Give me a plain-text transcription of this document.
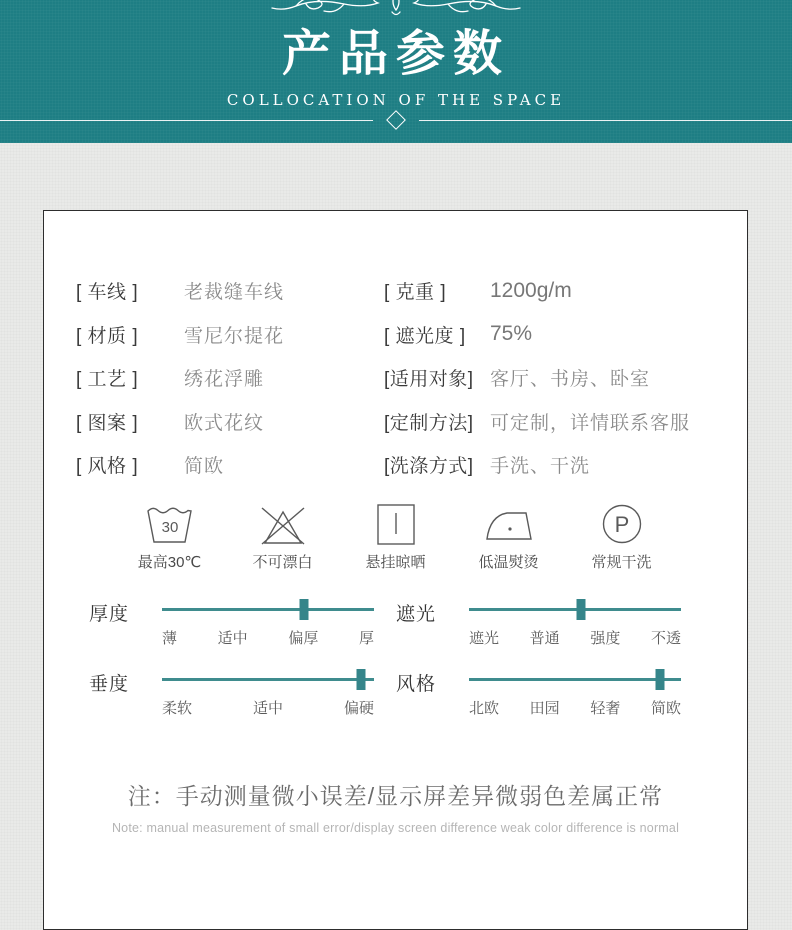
产品参数
COLLOCATION OF THE SPACE
[ 车线 ]	老裁缝车线
[ 材质 ]	雪尼尔提花
[ 工艺 ]	绣花浮雕
[ 图案 ]	欧式花纹
[ 风格 ]	简欧
[ 克重 ]	1200g/m
[ 遮光度 ]	75%
[适用对象] 客厅、书房、卧室
[定制方法] 可定制，详情联系客服
[洗涤方式] 手洗、干洗
30
最高30℃	不可漂白	悬挂晾晒	低温熨烫
P
常规干洗
厚度
薄	适中	偏厚	厚
遮光
遮光 普通 强度 不透
垂度
柔软	适中	偏硬
风格
北欧 田园 轻奢 简欧
注：手动测量微小误差/显示屏差异微弱色差属正常
Note: manual measurement of small error/display screen difference weak color difference is normal
